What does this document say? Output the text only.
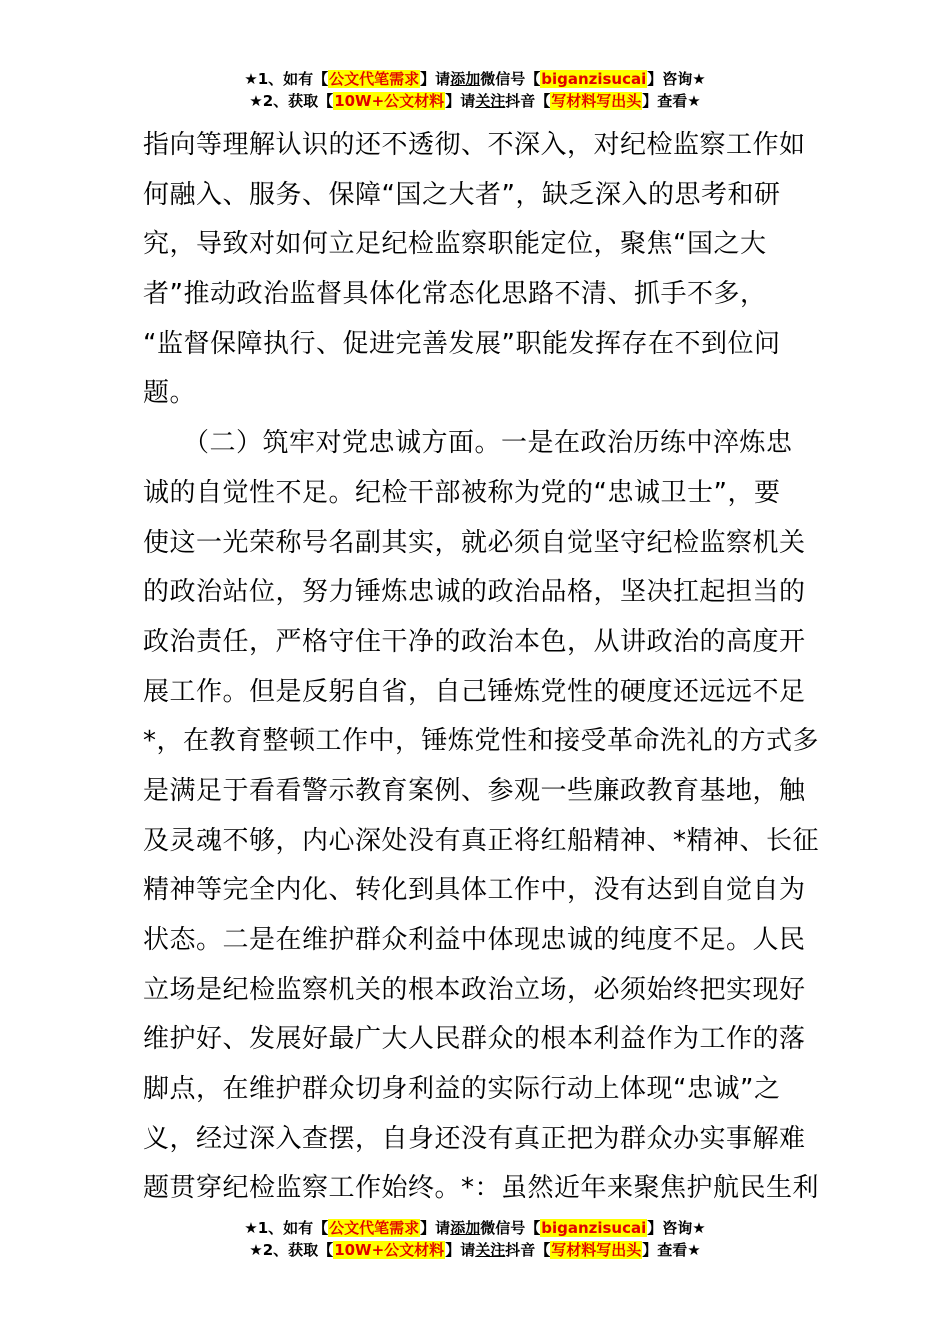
★1、如有【公文代笔需求】请添加微信号【biganzisucai】咨询★
★2、获取【10W+公文材料】请关注抖音【写材料写出头】查看★
指向等理解认识的还不透彻、不深入，对纪检监察工作如
何融入、服务、保障“国之大者”，缺乏深入的思考和研
究，导致对如何立足纪检监察职能定位，聚焦“国之大
者”推动政治监督具体化常态化思路不清、抓手不多，
“监督保障执行、促进完善发展”职能发挥存在不到位问
题。
　　（二）筑牢对党忠诚方面。一是在政治历练中淬炼忠
诚的自觉性不足。纪检干部被称为党的“忠诚卫士”，要
使这一光荣称号名副其实，就必须自觉坚守纪检监察机关
的政治站位，努力锤炼忠诚的政治品格，坚决扛起担当的
政治责任，严格守住干净的政治本色，从讲政治的高度开
展工作。但是反躬自省，自己锤炼党性的硬度还远远不足
*，在教育整顿工作中，锤炼党性和接受革命洗礼的方式多
是满足于看看警示教育案例、参观一些廉政教育基地，触
及灵魂不够，内心深处没有真正将红船精神、*精神、长征
精神等完全内化、转化到具体工作中，没有达到自觉自为
状态。二是在维护群众利益中体现忠诚的纯度不足。人民
立场是纪检监察机关的根本政治立场，必须始终把实现好
维护好、发展好最广大人民群众的根本利益作为工作的落
脚点，在维护群众切身利益的实际行动上体现“忠诚”之
义，经过深入查摆，自身还没有真正把为群众办实事解难
题贯穿纪检监察工作始终。*：虽然近年来聚焦护航民生利
★1、如有【公文代笔需求】请添加微信号【biganzisucai】咨询★
★2、获取【10W+公文材料】请关注抖音【写材料写出头】查看★
